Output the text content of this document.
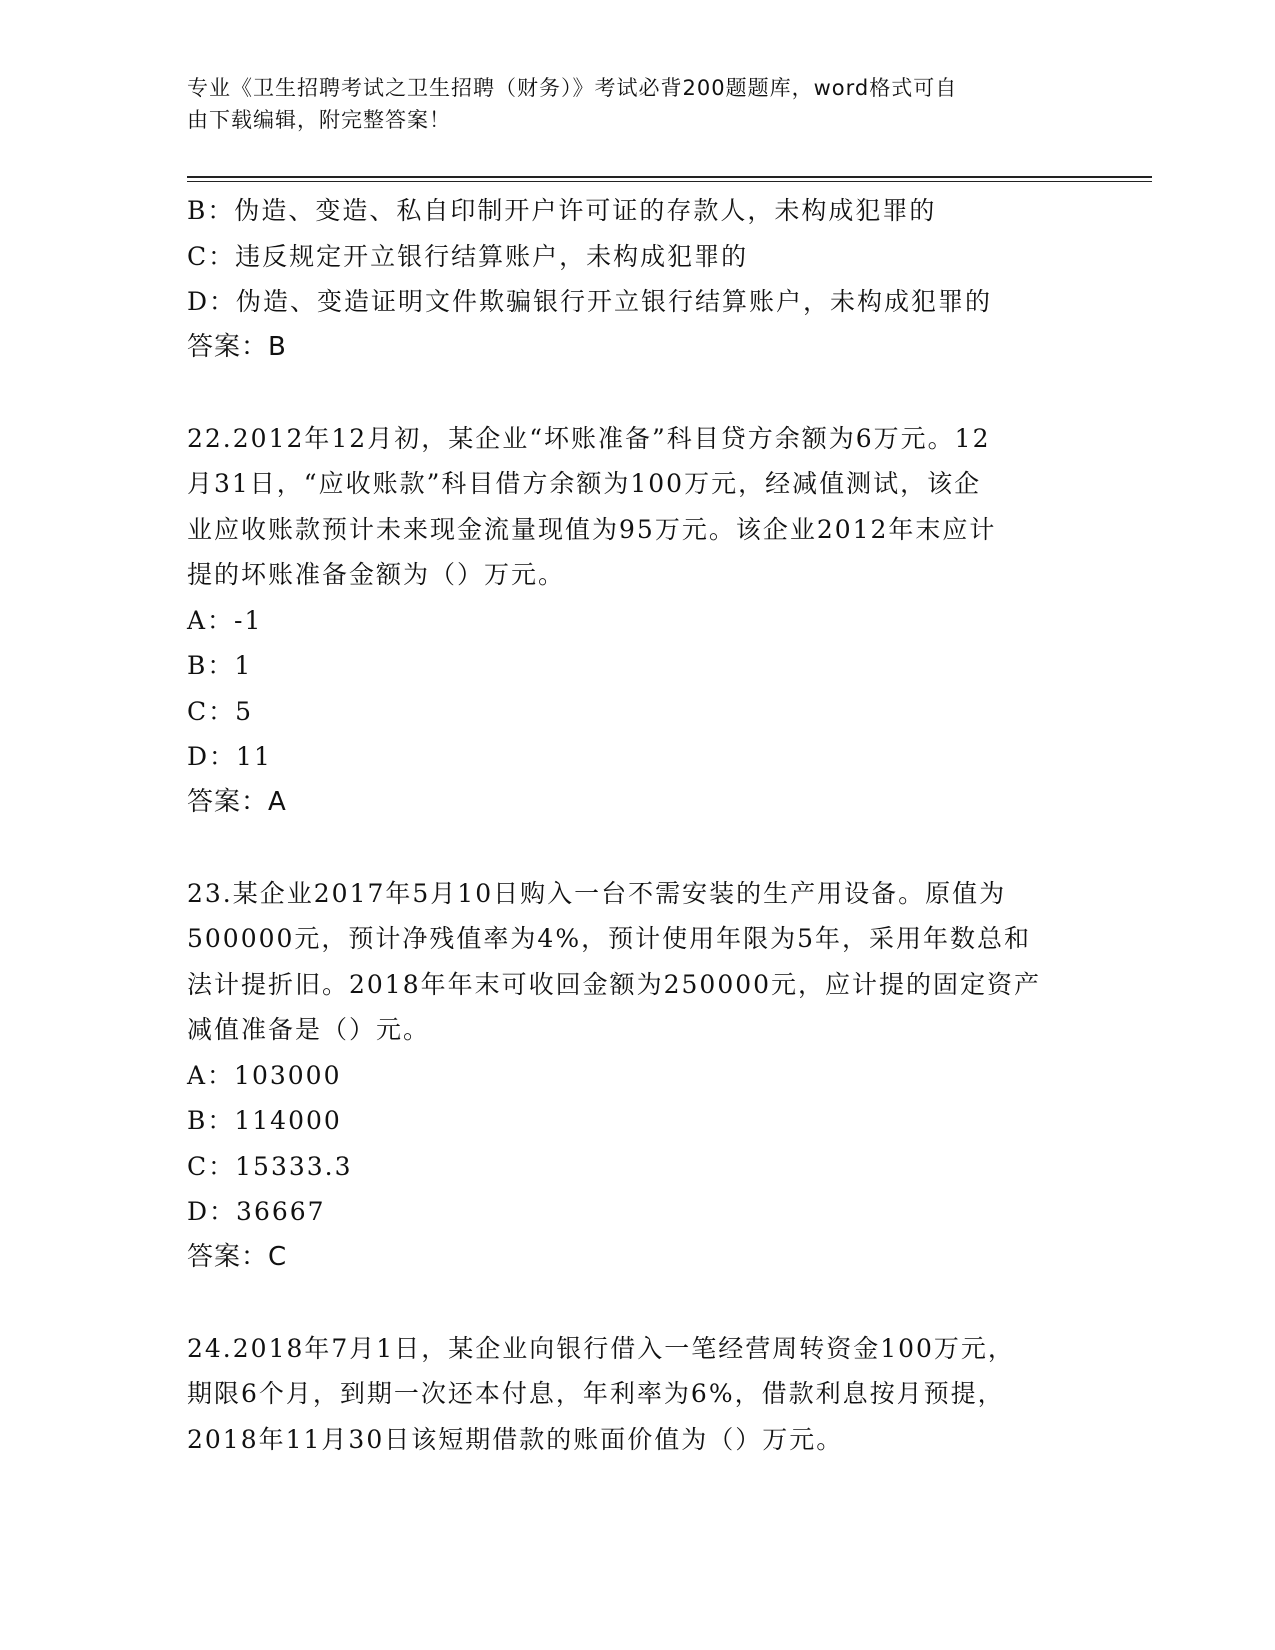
专业《卫生招聘考试之卫生招聘（财务）》考试必背200题题库，word格式可自
由下载编辑，附完整答案！

B：伪造、变造、私自印制开户许可证的存款人，未构成犯罪的

C：违反规定开立银行结算账户，未构成犯罪的

D：伪造、变造证明文件欺骗银行开立银行结算账户，未构成犯罪的

答案：B

22.2012年12月初，某企业“坏账准备”科目贷方余额为6万元。12

月31日，“应收账款”科目借方余额为100万元，经减值测试，该企

业应收账款预计未来现金流量现值为95万元。该企业2012年末应计

提的坏账准备金额为（）万元。

A：-1

B：1

C：5

D：11

答案：A

23.某企业2017年5月10日购入一台不需安装的生产用设备。原值为

500000元，预计净残值率为4%，预计使用年限为5年，采用年数总和

法计提折旧。2018年年末可收回金额为250000元，应计提的固定资产

减值准备是（）元。

A：103000

B：114000

C：15333.3

D：36667

答案：C

24.2018年7月1日，某企业向银行借入一笔经营周转资金100万元，

期限6个月，到期一次还本付息，年利率为6%，借款利息按月预提，

2018年11月30日该短期借款的账面价值为（）万元。
